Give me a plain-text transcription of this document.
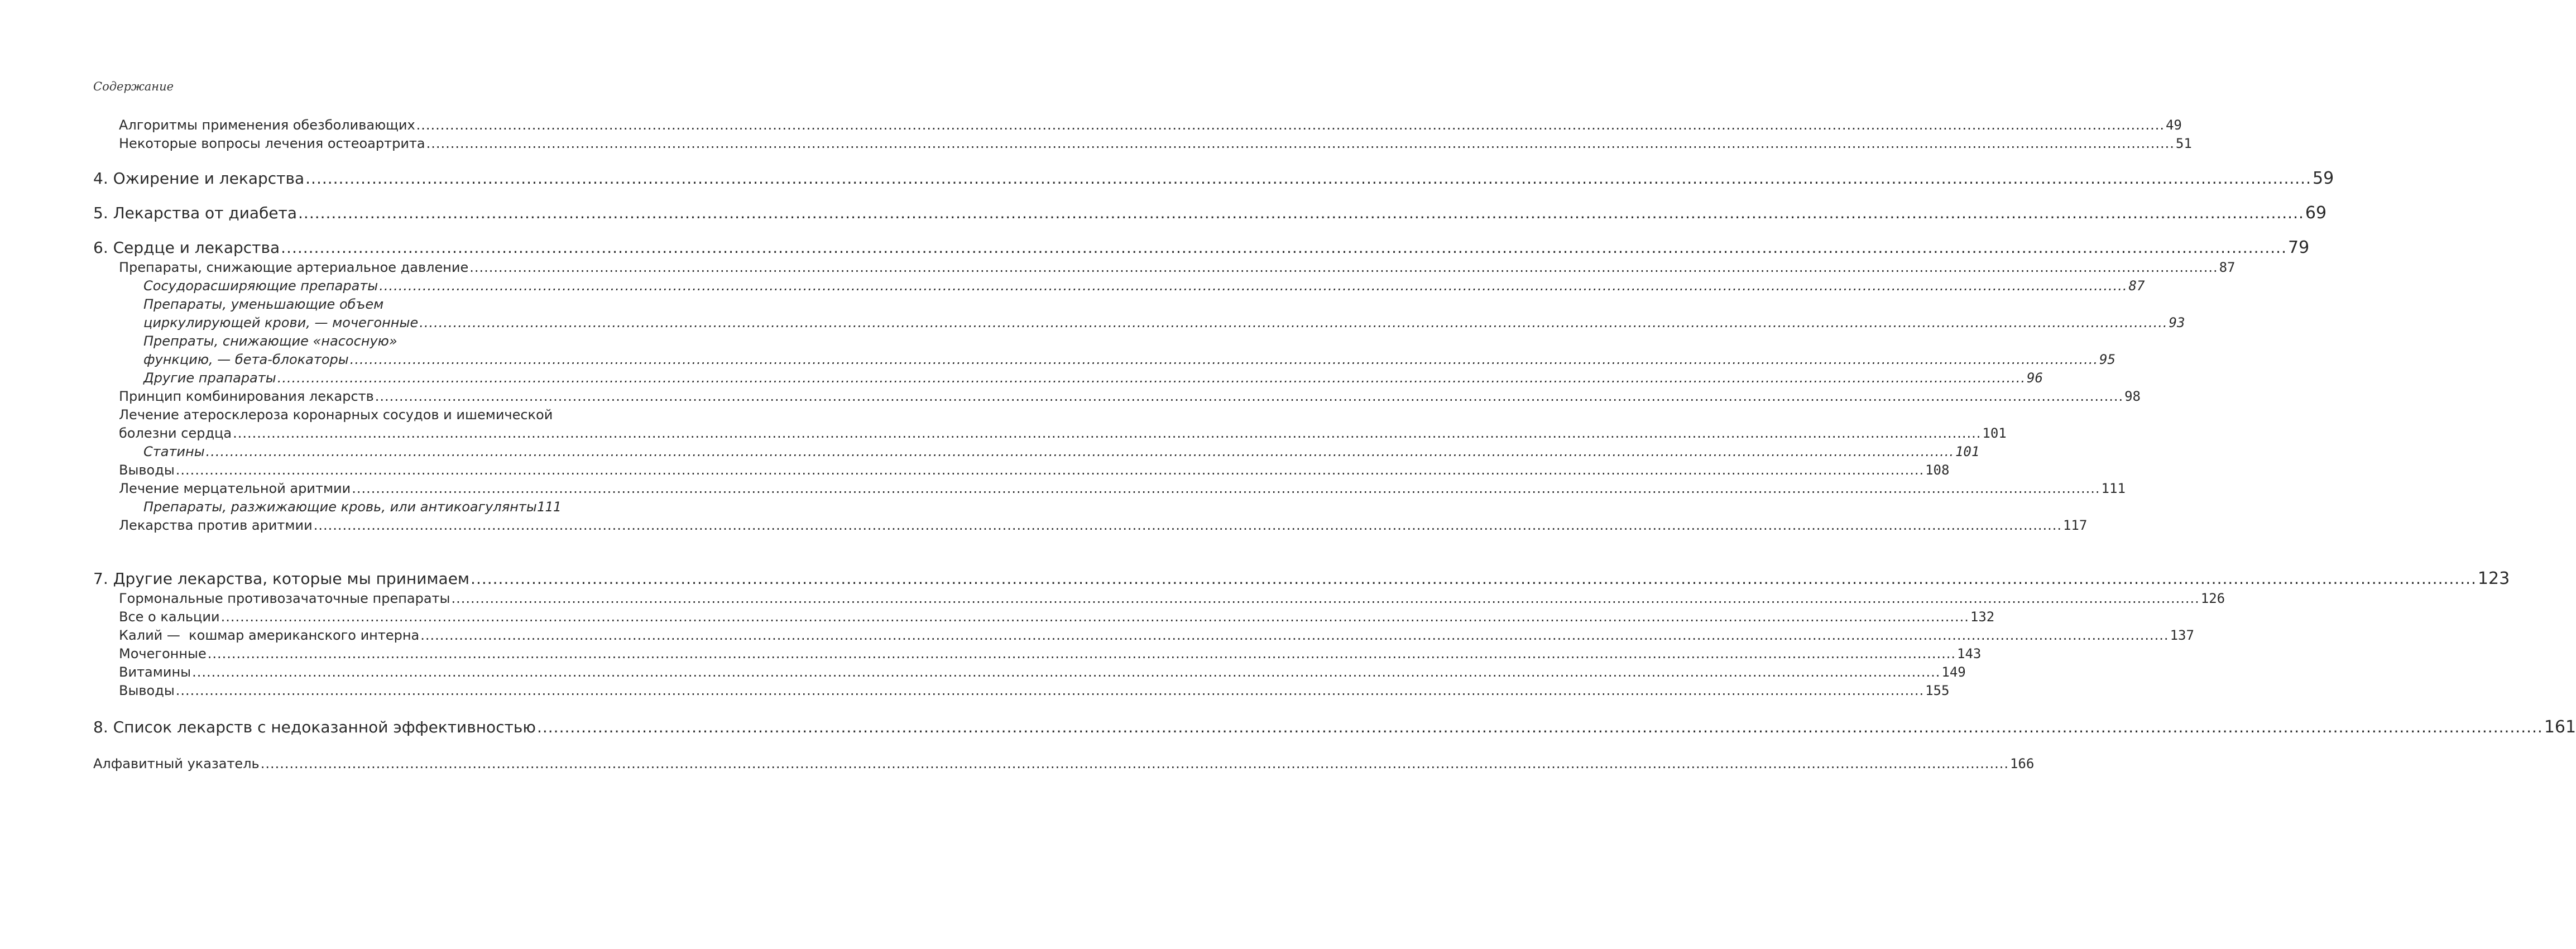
Содержание
Алгоритмы применения обезболивающих .....	49
Некоторые вопросы лечения остеоартрита .....	51
4. Ожирение и лекарства .....	59
5. Лекарства от диабета .....	69
6. Сердце и лекарства .....	79
Препараты, снижающие артериальное давление .....	87
Сосудорасширяющие препараты .....	87
Препараты, уменьшающие объем
циркулирующей крови, — мочегонные .....	93
Препраты, снижающие «насосную»
функцию, — бета-блокаторы .....	95
Другие прапараты .....	96
Принцип комбинирования лекарств .....	98
Лечение атеросклероза коронарных сосудов и ишемической
болезни сердца .....	101
Статины .....	101
Выводы .....	108
Лечение мерцательной аритмии .....	111
Препараты, разжижающие кровь, или антикоагулянты 111
Лекарства против аритмии .....	117
7. Другие лекарства, которые мы принимаем .....	123
Гормональные противозачаточные препараты .....	126
Все о кальции .....	132
Калий —  кошмар американского интерна .....	137
Мочегонные .....	143
Витамины .....	149
Выводы .....	155
8. Список лекарств с недоказанной эффективностью .....	161
Алфавитный указатель .....	166
